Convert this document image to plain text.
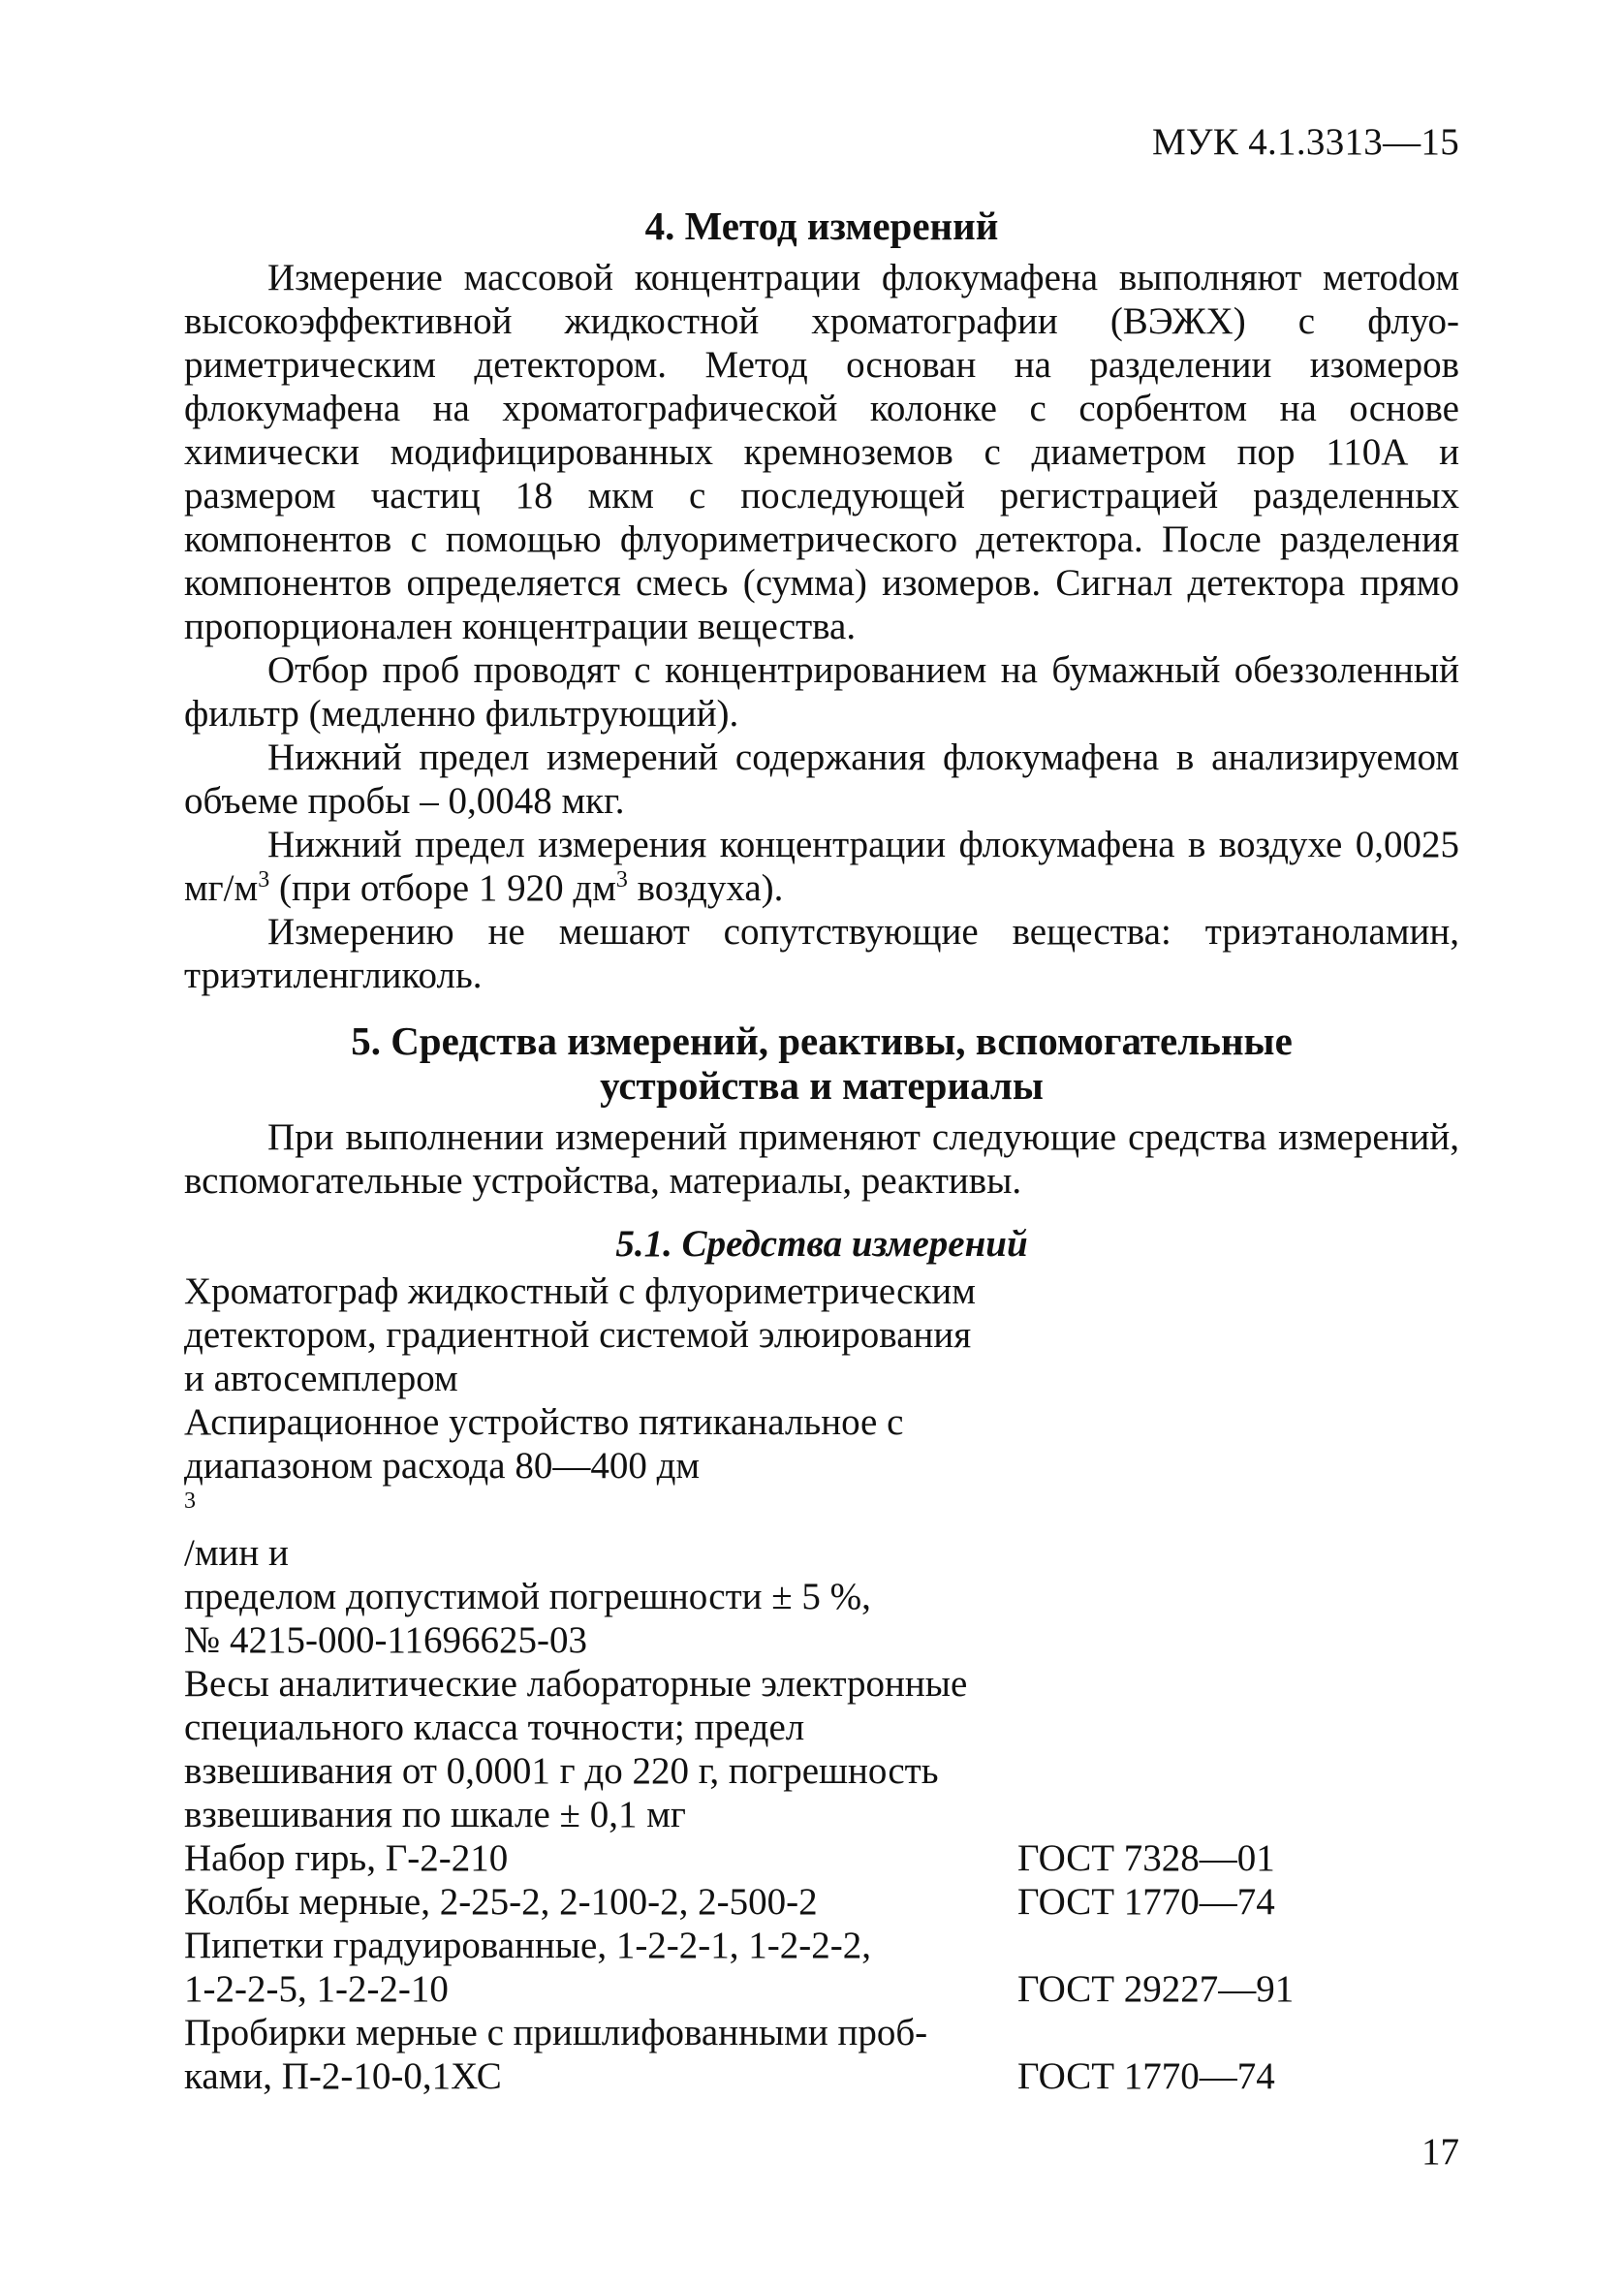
МУК 4.1.3313—15
4. Метод измерений

Измерение массовой концентрации флокумафена выполняют метоdом высокоэффективной жидкостной хроматографии (ВЭЖХ) с флуориметрическим детектором. Метод основан на разделении изомеров флокумафена на хроматографической колонке с сорбентом на основе химически модифицированных кремноземов с диаметром пор 110А и размером частиц 18 мкм с последующей регистрацией разделенных компонентов с помощью флуориметрического детектора. После разделения компонентов определяется смесь (сумма) изомеров. Сигнал детектора прямо пропорционален концентрации вещества.

Отбор проб проводят с концентрированием на бумажный обеззоленный фильтр (медленно фильтрующий).

Нижний предел измерений содержания флокумафена в анализируемом объеме пробы – 0,0048 мкг.

Нижний предел измерения концентрации флокумафена в воздухе 0,0025 $мг/м^3$ (при отборе 1 920 $дм^3$ воздуха).

Измерению не мешают сопутствующие вещества: триэтаноламин, триэтиленгликоль.

5. Средства измерений, реактивы, вспомогательные
устройства и материалы

При выполнении измерений применяют следующие средства измерений, вспомогательные устройства, материалы, реактивы.

5.1. Средства измерений
Хроматограф жидкостный с флуориметрическим
детектором, градиентной системой элюирования
и автосемплером
Аспирационное устройство пятиканальное с
диапазоном расхода 80—400 дм
$^3$
/мин и
пределом допустимой погрешности ± 5 %,
№ 4215-000-11696625-03
Весы аналитические лабораторные электронные
специального класса точности; предел
взвешивания от 0,0001 г до 220 г, погрешность
взвешивания по шкале ± 0,1 мг
Набор гирь, Г-2-210	ГОСТ 7328—01
Колбы мерные, 2-25-2, 2-100-2, 2-500-2	ГОСТ 1770—74
Пипетки градуированные, 1-2-2-1, 1-2-2-2,
1-2-2-5, 1-2-2-10	ГОСТ 29227—91
Пробирки мерные с пришлифованными проб-
ками, П-2-10-0,1ХС	ГОСТ 1770—74
17
